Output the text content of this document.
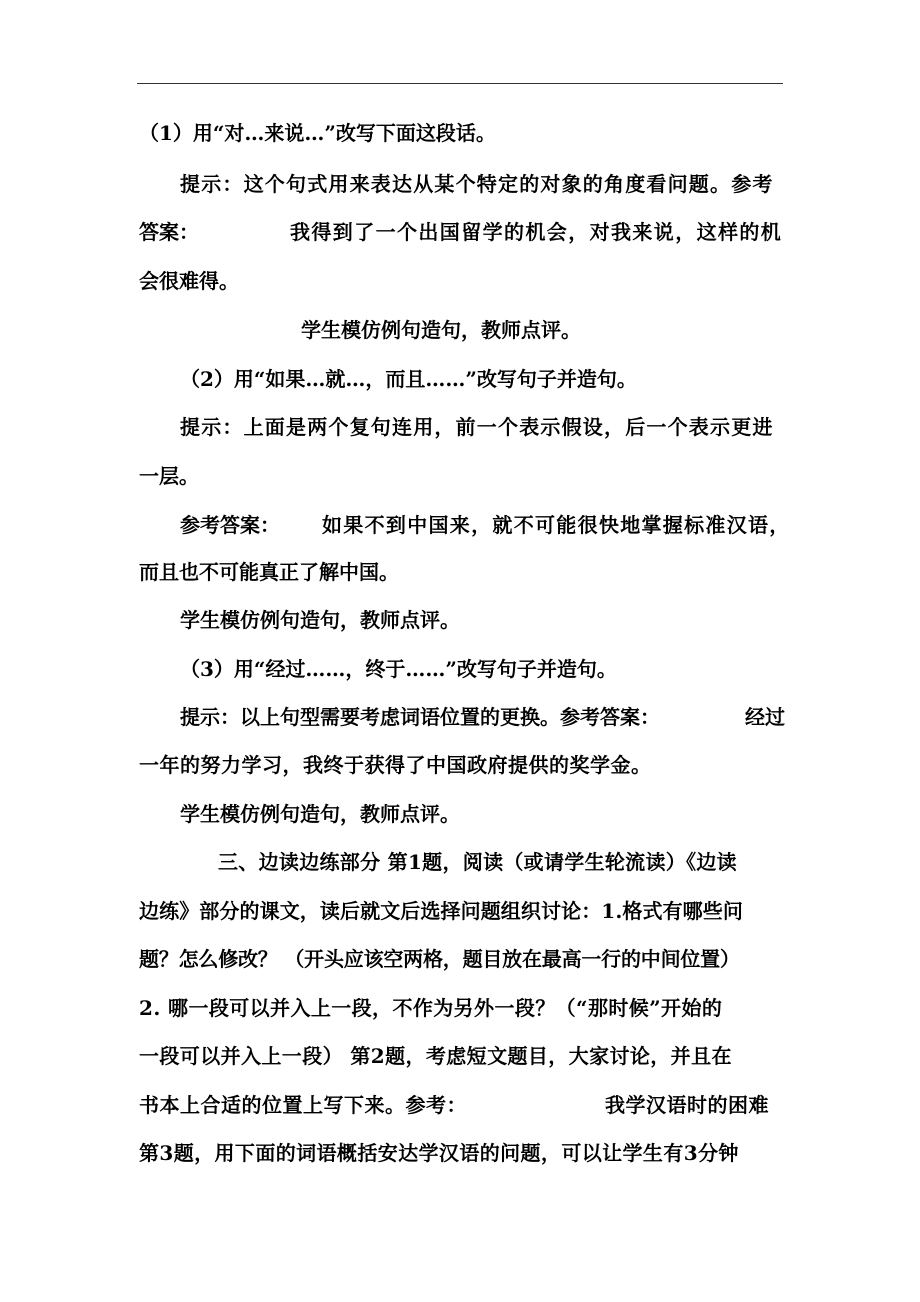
（1）用“对…来说…”改写下面这段话。
提示：这个句式用来表达从某个特定的对象的角度看问题。参考
答案：	我得到了一个出国留学的机会，对我来说，这样的机
会很难得。
学生模仿例句造句，教师点评。
（2）用“如果…就…，而且……”改写句子并造句。
提示：上面是两个复句连用，前一个表示假设，后一个表示更进
一层。
参考答案： 如果不到中国来，就不可能很快地掌握标准汉语，
而且也不可能真正了解中国。
学生模仿例句造句，教师点评。
（3）用“经过……，终于……”改写句子并造句。
提示：以上句型需要考虑词语位置的更换。参考答案：	经过
一年的努力学习，我终于获得了中国政府提供的奖学金。
学生模仿例句造句，教师点评。
三、边读边练部分 第1题，阅读（或请学生轮流读）《边读
边练》部分的课文，读后就文后选择问题组织讨论：1.格式有哪些问
题？怎么修改？ （开头应该空两格，题目放在最高一行的中间位置）
2. 哪一段可以并入上一段，不作为另外一段？（“那时候”开始的
一段可以并入上一段） 第2题，考虑短文题目，大家讨论，并且在
书本上合适的位置上写下来。参考：	我学汉语时的困难
第3题，用下面的词语概括安达学汉语的问题，可以让学生有3分钟
